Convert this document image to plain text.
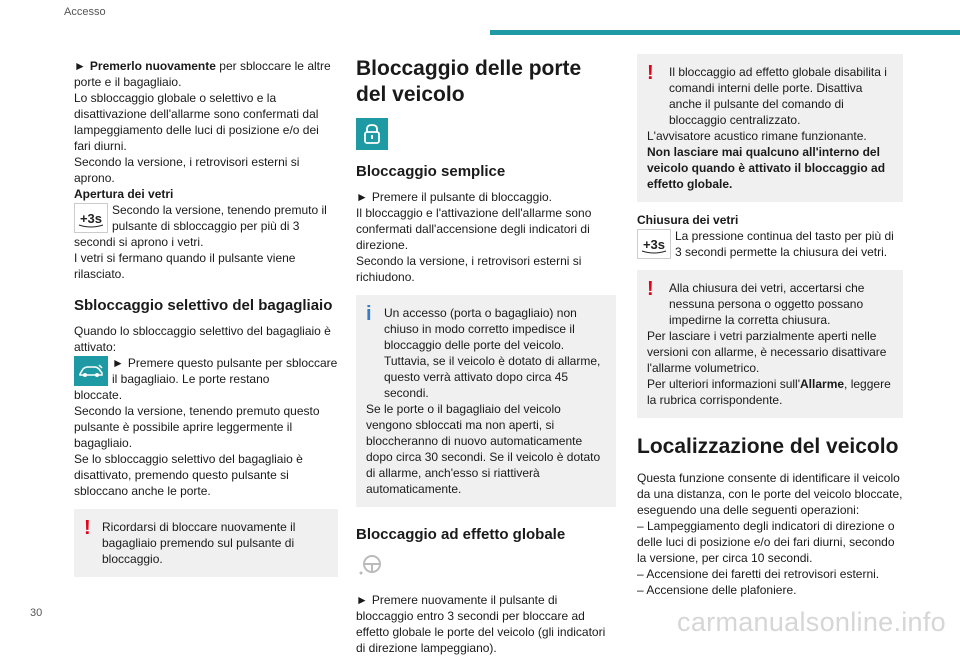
Accesso
► Premerlo nuovamente per sbloccare le altre porte e il bagagliaio.
Lo sbloccaggio globale o selettivo e la disattivazione dell'allarme sono confermati dal lampeggiamento delle luci di posizione e/o dei fari diurni.
Secondo la versione, i retrovisori esterni si aprono.
Apertura dei vetri
+3s
Secondo la versione, tenendo premuto il pulsante di sbloccaggio per più di 3
secondi si aprono i vetri.
I vetri si fermano quando il pulsante viene rilasciato.
Sbloccaggio selettivo del bagagliaio
Quando lo sbloccaggio selettivo del bagagliaio è attivato:
► Premere questo pulsante per sbloccare il bagagliaio. Le porte restano
bloccate.
Secondo la versione, tenendo premuto questo pulsante è possibile aprire leggermente il bagagliaio.
Se lo sbloccaggio selettivo del bagagliaio è disattivato, premendo questo pulsante si sbloccano anche le porte.
! Ricordarsi di bloccare nuovamente il bagagliaio premendo sul pulsante di bloccaggio.
Bloccaggio delle porte del veicolo
Bloccaggio semplice
► Premere il pulsante di bloccaggio.
Il bloccaggio e l'attivazione dell'allarme sono confermati dall'accensione degli indicatori di direzione.
Secondo la versione, i retrovisori esterni si richiudono.
i	Un accesso (porta o bagagliaio) non chiuso in modo corretto impedisce il bloccaggio delle porte del veicolo. Tuttavia, se il veicolo è dotato di allarme, questo verrà attivato dopo circa 45 secondi.
Se le porte o il bagagliaio del veicolo vengono sbloccati ma non aperti, si bloccheranno di nuovo automaticamente dopo circa 30 secondi. Se il veicolo è dotato di allarme, anch'esso si riattiverà automaticamente.
Bloccaggio ad effetto globale
► Premere nuovamente il pulsante di bloccaggio entro 3 secondi per bloccare ad effetto globale le porte del veicolo (gli indicatori di direzione lampeggiano).
!	Il bloccaggio ad effetto globale disabilita i comandi interni delle porte. Disattiva anche il pulsante del comando di bloccaggio centralizzato.
L'avvisatore acustico rimane funzionante.
Non lasciare mai qualcuno all'interno del veicolo quando è attivato il bloccaggio ad effetto globale.
Chiusura dei vetri
+3s
La pressione continua del tasto per più di 3 secondi permette la chiusura dei vetri.
!	Alla chiusura dei vetri, accertarsi che nessuna persona o oggetto possano impedirne la corretta chiusura.
Per lasciare i vetri parzialmente aperti nelle versioni con allarme, è necessario disattivare l'allarme volumetrico.
Per ulteriori informazioni sull'Allarme, leggere la rubrica corrispondente.
Localizzazione del veicolo
Questa funzione consente di identificare il veicolo da una distanza, con le porte del veicolo bloccate, eseguendo una delle seguenti operazioni:
– Lampeggiamento degli indicatori di direzione o delle luci di posizione e/o dei fari diurni, secondo la versione, per circa 10 secondi.
– Accensione dei faretti dei retrovisori esterni.
– Accensione delle plafoniere.
30	carmanualsonline.info
